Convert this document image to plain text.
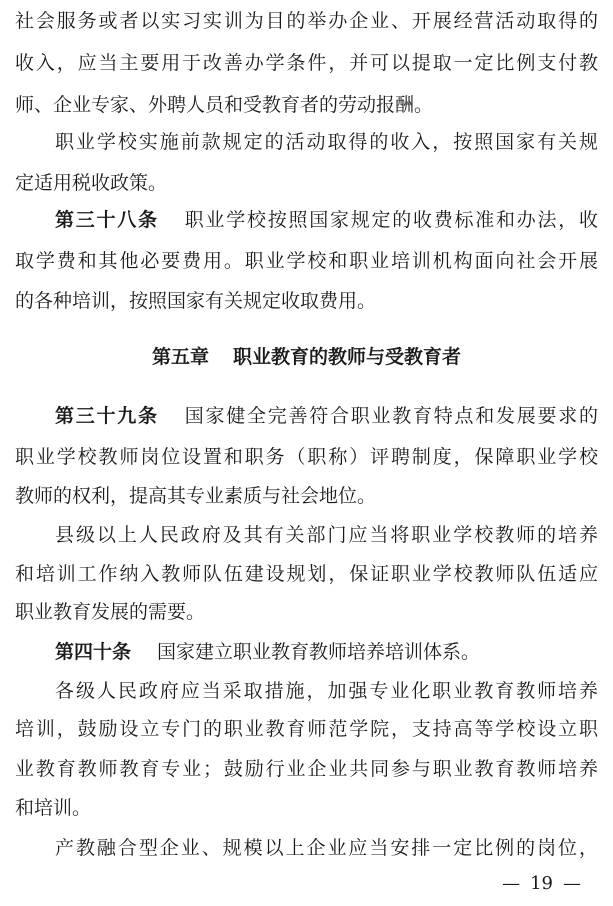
社会服务或者以实习实训为目的举办企业、开展经营活动取得的
收入，应当主要用于改善办学条件，并可以提取一定比例支付教
师、企业专家、外聘人员和受教育者的劳动报酬。
职业学校实施前款规定的活动取得的收入，按照国家有关规
定适用税收政策。
第三十八条 职业学校按照国家规定的收费标准和办法，收
取学费和其他必要费用。职业学校和职业培训机构面向社会开展
的各种培训，按照国家有关规定收取费用。
第五章 职业教育的教师与受教育者
第三十九条 国家健全完善符合职业教育特点和发展要求的
职业学校教师岗位设置和职务（职称）评聘制度，保障职业学校
教师的权利，提高其专业素质与社会地位。
县级以上人民政府及其有关部门应当将职业学校教师的培养
和培训工作纳入教师队伍建设规划，保证职业学校教师队伍适应
职业教育发展的需要。
第四十条 国家建立职业教育教师培养培训体系。
各级人民政府应当采取措施，加强专业化职业教育教师培养
培训，鼓励设立专门的职业教育师范学院，支持高等学校设立职
业教育教师教育专业；鼓励行业企业共同参与职业教育教师培养
和培训。
产教融合型企业、规模以上企业应当安排一定比例的岗位，
— 19 —
